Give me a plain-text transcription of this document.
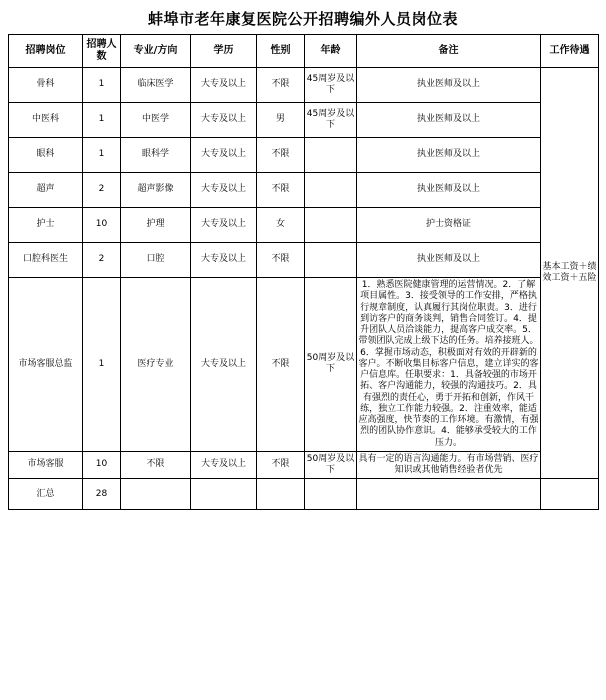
蚌埠市老年康复医院公开招聘编外人员岗位表
招聘岗位	招聘人数	专业/方向	学历	性别	年龄	备注	工作待遇
骨科	1	临床医学	大专及以上	不限	45周岁及以下	执业医师及以上	基本工资＋绩效工资＋五险
中医科	1	中医学	大专及以上	男	45周岁及以下	执业医师及以上	
眼科	1	眼科学	大专及以上	不限		执业医师及以上	
超声	2	超声影像	大专及以上	不限		执业医师及以上	
护士	10	护理	大专及以上	女		护士资格证	
口腔科医生	2	口腔	大专及以上	不限		执业医师及以上	
市场客服总监	1	医疗专业	大专及以上	不限	50周岁及以下	1．熟悉医院健康管理的运营情况。2．了解项目属性。3．接受领导的工作安排，严格执行规章制度，认真履行其岗位职责。3．进行到访客户的商务谈判，销售合同签订。4．提升团队人员洽谈能力，提高客户成交率。5．带领团队完成上级下达的任务。培养接班人。6．掌握市场动态，积极面对有效的开辟新的客户。不断收集目标客户信息，建立详实的客户信息库。任职要求：1．具备较强的市场开拓、客户沟通能力，较强的沟通技巧。2．具有强烈的责任心，勇于开拓和创新，作风干练，独立工作能力较强。2．注重效率，能适应高强度，快节奏的工作环境。有激情，有强烈的团队协作意识。4．能够承受较大的工作压力。	
市场客服	10	不限	大专及以上	不限	50周岁及以下	具有一定的语言沟通能力。有市场营销、医疗知识或其他销售经验者优先	
汇总	28						
